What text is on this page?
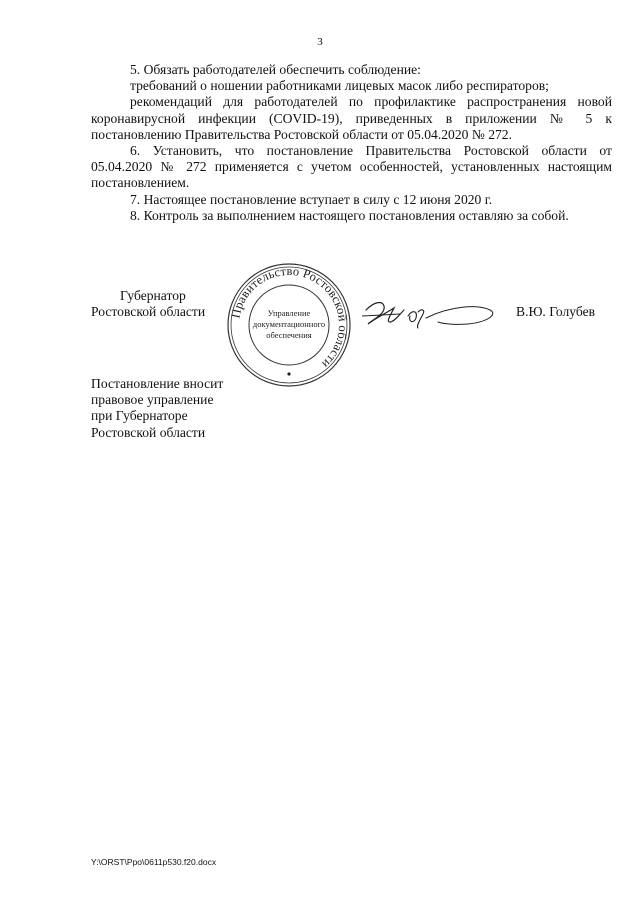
3

5. Обязать работодателей обеспечить соблюдение:

требований о ношении работниками лицевых масок либо респираторов;

рекомендаций для работодателей по профилактике распространения новой коронавирусной инфекции (COVID-19), приведенных в приложении № 5 к постановлению Правительства Ростовской области от 05.04.2020 № 272.

6. Установить, что постановление Правительства Ростовской области от 05.04.2020 № 272 применяется с учетом особенностей, установленных настоящим постановлением.

7. Настоящее постановление вступает в силу с 12 июня 2020 г.

8. Контроль за выполнением настоящего постановления оставляю за собой.

Губернатор
Ростовской области	Правительство Ростовской области
Управление
документационного
обеспечения
В.Ю. Голубев
Постановление вносит
правовое управление
при Губернаторе
Ростовской области
Y:\ORST\Ppo\0611p530.f20.docx
